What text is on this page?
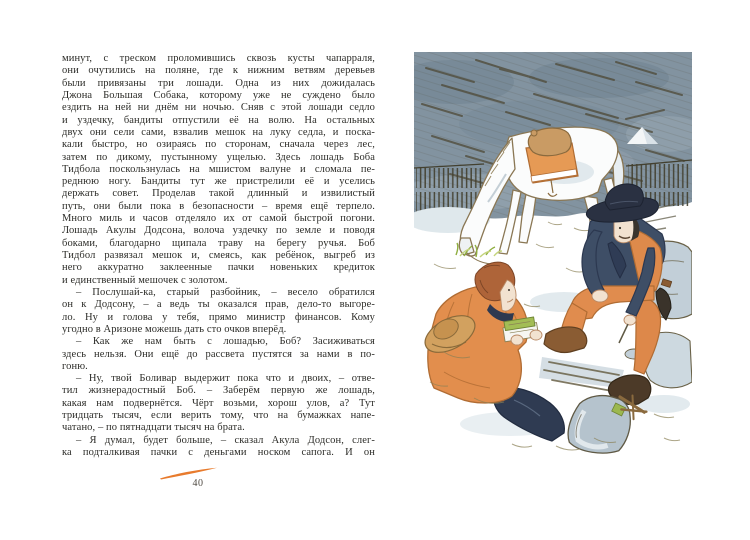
минут, с треском проломившись сквозь кусты чапарраля,
они очутились на поляне, где к нижним ветвям деревьев
были привязаны три лошади. Одна из них дожидалась
Джона Большая Собака, которому уже не суждено было
ездить на ней ни днём ни ночью. Сняв с этой лошади седло
и уздечку, бандиты отпустили её на волю. На остальных
двух они сели сами, взвалив мешок на луку седла, и поска-
кали быстро, но озираясь по сторонам, сначала через лес,
затем по дикому, пустынному ущелью. Здесь лошадь Боба
Тидбола поскользнулась на мшистом валуне и сломала пе-
реднюю ногу. Бандиты тут же пристрелили её и уселись
держать совет. Проделав такой длинный и извилистый
путь, они были пока в безопасности – время ещё терпело.
Много миль и часов отделяло их от самой быстрой погони.
Лошадь Акулы Додсона, волоча уздечку по земле и поводя
боками, благодарно щипала траву на берегу ручья. Боб
Тидбол развязал мешок и, смеясь, как ребёнок, выгреб из
него аккуратно заклеенные пачки новеньких кредиток
и единственный мешочек с золотом.
– Послушай-ка, старый разбойник, – весело обратился
он к Додсону, – а ведь ты оказался прав, дело-то выгоре-
ло. Ну и голова у тебя, прямо министр финансов. Кому
угодно в Аризоне можешь дать сто очков вперёд.
– Как же нам быть с лошадью, Боб? Засиживаться
здесь нельзя. Они ещё до рассвета пустятся за нами в по-
гоню.
– Ну, твой Боливар выдержит пока что и двоих, – отве-
тил жизнерадостный Боб. – Заберём первую же лошадь,
какая нам подвернётся. Чёрт возьми, хорош улов, а? Тут
тридцать тысяч, если верить тому, что на бумажках напе-
чатано, – по пятнадцати тысяч на брата.
– Я думал, будет больше, – сказал Акула Додсон, слег-
ка подталкивая пачки с деньгами носком сапога. И он
40
